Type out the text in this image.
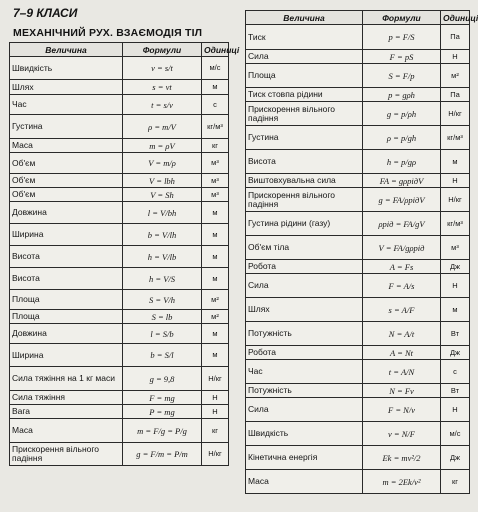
7–9 КЛАСИ
МЕХАНІЧНИЙ РУХ. ВЗАЄМОДІЯ ТІЛ
Величина	Формули	Одиниці
Швидкість	v = s/t	м/с
Шлях	s = vt	м
Час	t = s/v	с
Густина	ρ = m/V	кг/м³
Маса	m = ρV	кг
Об'єм	V = m/ρ	м³
Об'єм	V = lbh	м³
Об'єм	V = Sh	м³
Довжина	l = V/bh	м
Ширина	b = V/lh	м
Висота	h = V/lb	м
Висота	h = V/S	м
Площа	S = V/h	м²
Площа	S = lb	м²
Довжина	l = S/b	м
Ширина	b = S/l	м
Сила тяжіння на 1 кг маси	g = 9,8	Н/кг
Сила тяжіння	F = mg	Н
Вага	P = mg	Н
Маса	m = F/g = P/g	кг
Прискорення вільного падіння	g = F/m = P/m	Н/кг
Величина	Формули	Одиниці
Тиск	p = F/S	Па
Сила	F = pS	Н
Площа	S = F/p	м²
Тиск стовпа рідини	p = gρh	Па
Прискорення вільного падіння	g = p/ρh	Н/кг
Густина	ρ = p/gh	кг/м³
Висота	h = p/gρ	м
Виштовхувальна сила	FA = gρрідV	Н
Прискорення вільного падіння	g = FA/ρрідV	Н/кг
Густина рідини (газу)	ρрід = FA/gV	кг/м³
Об'єм тіла	V = FA/gρрід	м³
Робота	A = Fs	Дж
Сила	F = A/s	Н
Шлях	s = A/F	м
Потужність	N = A/t	Вт
Робота	A = Nt	Дж
Час	t = A/N	с
Потужність	N = Fv	Вт
Сила	F = N/v	Н
Швидкість	v = N/F	м/с
Кінетична енергія	Ek = mv²/2	Дж
Маса	m = 2Ek/v²	кг
